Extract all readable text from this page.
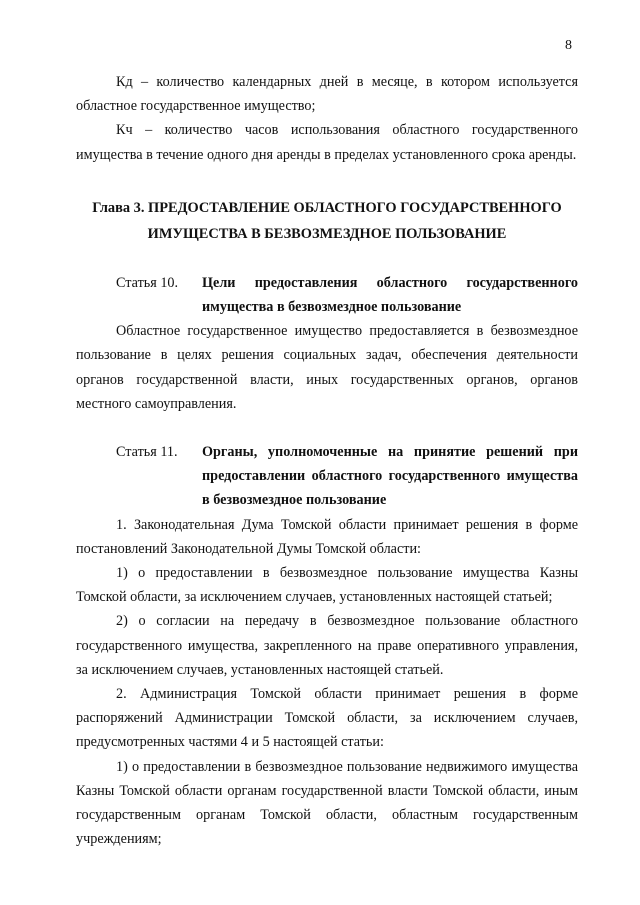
8

Кд – количество календарных дней в месяце, в котором используется областное государственное имущество;

Кч – количество часов использования областного государственного имущества в течение одного дня аренды в пределах установленного срока аренды.

Глава 3. ПРЕДОСТАВЛЕНИЕ ОБЛАСТНОГО ГОСУДАРСТВЕННОГО
ИМУЩЕСТВА В БЕЗВОЗМЕЗДНОЕ ПОЛЬЗОВАНИЕ
Статья 10.	Цели предоставления областного государственного имущества в безвозмездное пользование

Областное государственное имущество предоставляется в безвозмездное пользование в целях решения социальных задач, обеспечения деятельности органов государственной власти, иных государственных органов, органов местного самоуправления.

Статья 11.	Органы, уполномоченные на принятие решений при предоставлении областного государственного имущества в безвозмездное пользование

1. Законодательная Дума Томской области принимает решения в форме постановлений Законодательной Думы Томской области:

1) о предоставлении в безвозмездное пользование имущества Казны Томской области, за исключением случаев, установленных настоящей статьей;

2) о согласии на передачу в безвозмездное пользование областного государственного имущества, закрепленного на праве оперативного управления, за исключением случаев, установленных настоящей статьей.

2. Администрация Томской области принимает решения в форме распоряжений Администрации Томской области, за исключением случаев, предусмотренных частями 4 и 5 настоящей статьи:

1) о предоставлении в безвозмездное пользование недвижимого имущества Казны Томской области органам государственной власти Томской области, иным государственным органам Томской области, областным государственным учреждениям;
